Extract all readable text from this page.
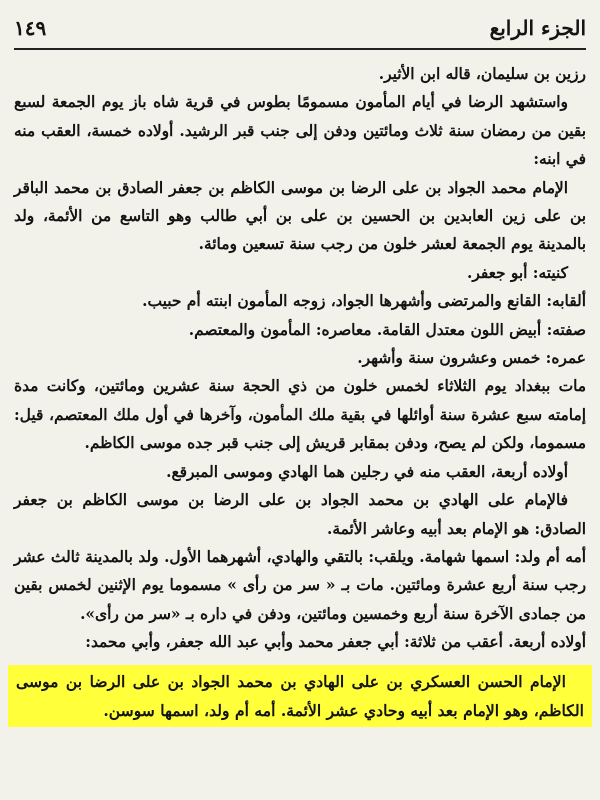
الجزء الرابع
١٤٩

رزين بن سليمان، قاله ابن الأثير.

واستشهد الرضا في أيام المأمون مسمومًا بطوس في قرية شاه باز يوم الجمعة لسبع بقين من رمضان سنة ثلاث ومائتين ودفن إلى جنب قبر الرشيد. أولاده خمسة، العقب منه في ابنه:

الإمام محمد الجواد بن على الرضا بن موسى الكاظم بن جعفر الصادق بن محمد الباقر بن على زين العابدين بن الحسين بن على بن أبي طالب وهو التاسع من الأئمة، ولد بالمدينة يوم الجمعة لعشر خلون من رجب سنة تسعين ومائة.

كنيته: أبو جعفر.

ألقابه: القانع والمرتضى وأشهرها الجواد، زوجه المأمون ابنته أم حبيب.

صفته: أبيض اللون معتدل القامة. معاصره: المأمون والمعتصم.

عمره: خمس وعشرون سنة وأشهر.

مات ببغداد يوم الثلاثاء لخمس خلون من ذي الحجة سنة عشرين ومائتين، وكانت مدة إمامته سبع عشرة سنة أوائلها في بقية ملك المأمون، وآخرها في أول ملك المعتصم، قيل: مسموما، ولكن لم يصح، ودفن بمقابر قريش إلى جنب قبر جده موسى الكاظم.

أولاده أربعة، العقب منه في رجلين هما الهادي وموسى المبرقع.

فالإمام على الهادي بن محمد الجواد بن على الرضا بن موسى الكاظم بن جعفر الصادق: هو الإمام بعد أبيه وعاشر الأئمة.

أمه أم ولد: اسمها شهامة. ويلقب: بالتقي والهادي، أشهرهما الأول. ولد بالمدينة ثالث عشر رجب سنة أربع عشرة ومائتين. مات بـ « سر من رأى » مسموما يوم الإثنين لخمس بقين من جمادى الآخرة سنة أربع وخمسين ومائتين، ودفن في داره بـ «سر من رأى».

أولاده أربعة. أعقب من ثلاثة: أبي جعفر محمد وأبي عبد الله جعفر، وأبي محمد:

الإمام الحسن العسكري بن على الهادي بن محمد الجواد بن على الرضا بن موسى الكاظم، وهو الإمام بعد أبيه وحادي عشر الأئمة. أمه أم ولد، اسمها سوسن.
